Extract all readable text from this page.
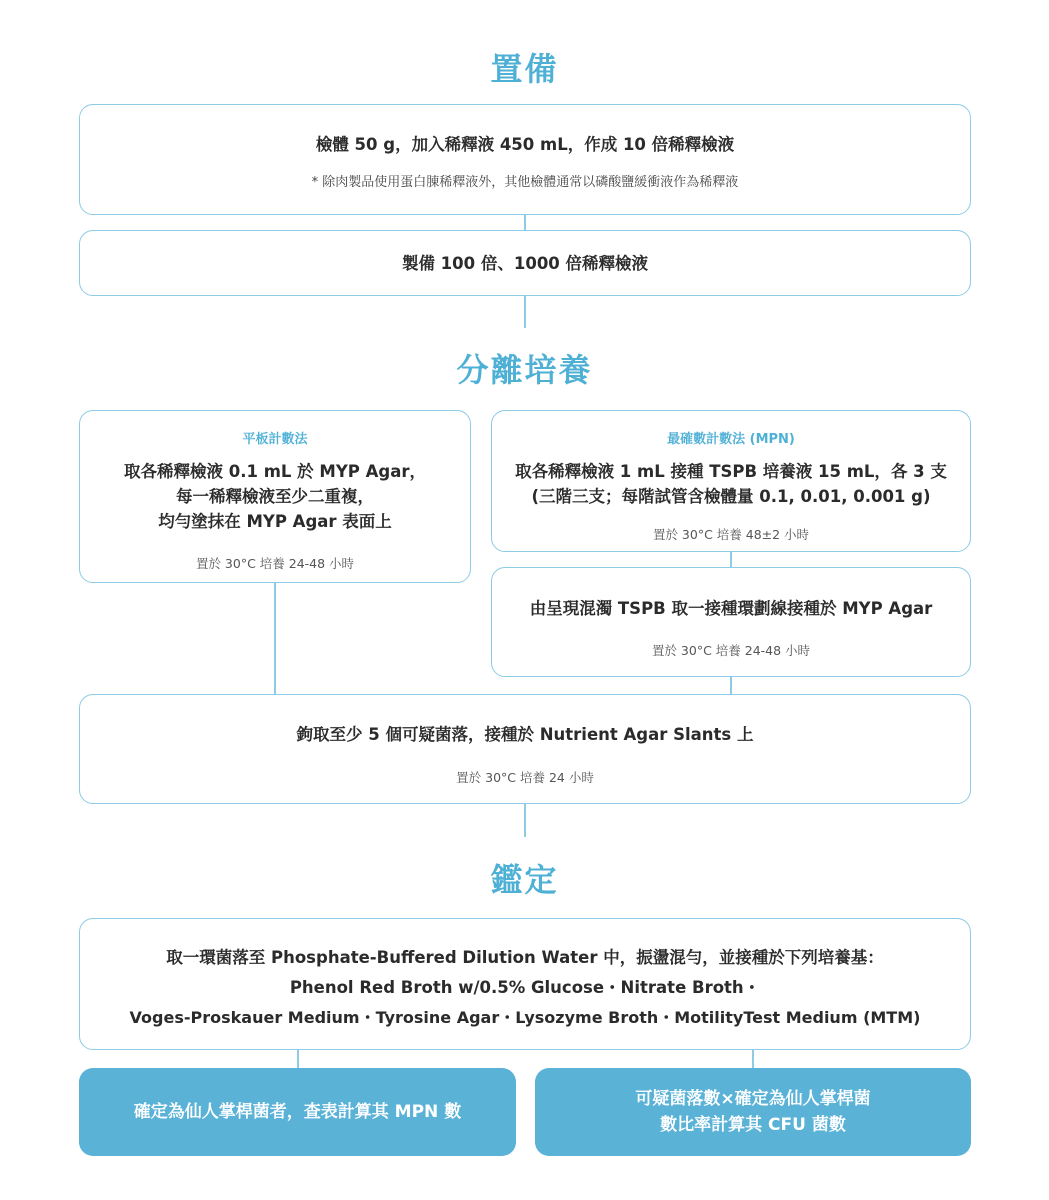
置備
檢體 50 g，加入稀釋液 450 mL，作成 10 倍稀釋檢液
* 除肉製品使用蛋白腖稀釋液外，其他檢體通常以磷酸鹽緩衝液作為稀釋液
製備 100 倍、1000 倍稀釋檢液
分離培養
平板計數法
取各稀釋檢液 0.1 mL 於 MYP Agar，
每一稀釋檢液至少二重複，
均勻塗抹在 MYP Agar 表面上
置於 30°C 培養 24-48 小時
最確數計數法 (MPN)
取各稀釋檢液 1 mL 接種 TSPB 培養液 15 mL，各 3 支
(三階三支；每階試管含檢體量 0.1, 0.01, 0.001 g)
置於 30°C 培養 48±2 小時
由呈現混濁 TSPB 取一接種環劃線接種於 MYP Agar
置於 30°C 培養 24-48 小時
鉤取至少 5 個可疑菌落，接種於 Nutrient Agar Slants 上
置於 30°C 培養 24 小時
鑑定
取一環菌落至 Phosphate-Buffered Dilution Water 中，振盪混勻，並接種於下列培養基：
Phenol Red Broth w/0.5% Glucose・Nitrate Broth・
Voges-Proskauer Medium・Tyrosine Agar・Lysozyme Broth・MotilityTest Medium (MTM)
確定為仙人掌桿菌者，查表計算其 MPN 數
可疑菌落數×確定為仙人掌桿菌
數比率計算其 CFU 菌數
